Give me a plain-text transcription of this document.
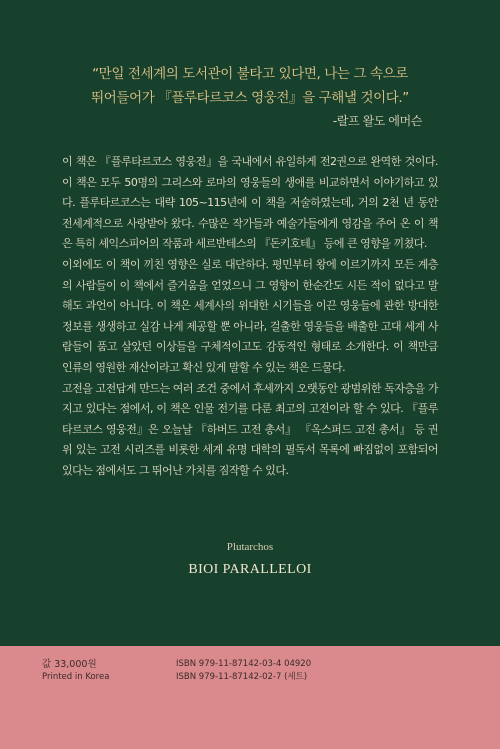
“만일 전세계의 도서관이 불타고 있다면, 나는 그 속으로
뛰어들어가 『플루타르코스 영웅전』을 구해낼 것이다.”
-랄프 왈도 에머슨

이 책은 『플루타르코스 영웅전』을 국내에서 유일하게 전2권으로 완역한 것이다. 이 책은 모두 50명의 그리스와 로마의 영웅들의 생애를 비교하면서 이야기하고 있다. 플루타르코스는 대략 105~115년에 이 책을 저술하였는데, 거의 2천 년 동안 전세계적으로 사랑받아 왔다. 수많은 작가들과 예술가들에게 영감을 주어 온 이 책은 특히 셰익스피어의 작품과 세르반테스의 『돈키호테』 등에 큰 영향을 끼쳤다.

이외에도 이 책이 끼친 영향은 실로 대단하다. 평민부터 왕에 이르기까지 모든 계층의 사람들이 이 책에서 즐거움을 얻었으니 그 영향이 한순간도 시든 적이 없다고 말해도 과언이 아니다. 이 책은 세계사의 위대한 시기들을 이끈 영웅들에 관한 방대한 정보를 생생하고 실감 나게 제공할 뿐 아니라, 걸출한 영웅들을 배출한 고대 세계 사람들이 품고 살았던 이상들을 구체적이고도 감동적인 형태로 소개한다. 이 책만큼 인류의 영원한 재산이라고 확신 있게 말할 수 있는 책은 드물다.

고전을 고전답게 만드는 여러 조건 중에서 후세까지 오랫동안 광범위한 독자층을 가지고 있다는 점에서, 이 책은 인물 전기를 다룬 최고의 고전이라 할 수 있다. 『플루타르코스 영웅전』은 오늘날 『하버드 고전 총서』 『옥스퍼드 고전 총서』 등 권위 있는 고전 시리즈를 비롯한 세계 유명 대학의 필독서 목록에 빠짐없이 포함되어 있다는 점에서도 그 뛰어난 가치를 짐작할 수 있다.

Plutarchos
BIOI PARALLELOI
값 33,000원
Printed in Korea
ISBN 979-11-87142-03-4 04920
ISBN 979-11-87142-02-7 (세트)
